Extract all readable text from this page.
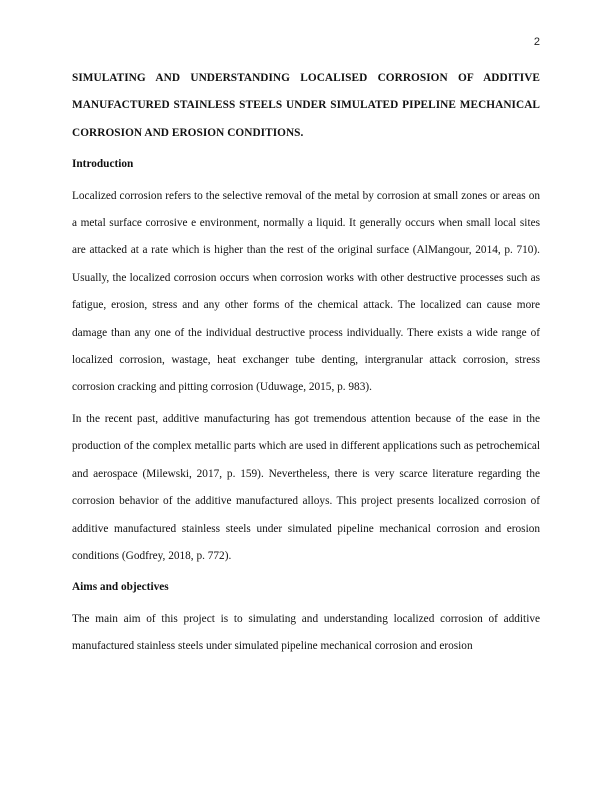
2

SIMULATING AND UNDERSTANDING LOCALISED CORROSION OF ADDITIVE MANUFACTURED STAINLESS STEELS UNDER SIMULATED PIPELINE MECHANICAL CORROSION AND EROSION CONDITIONS.

Introduction

Localized corrosion refers to the selective removal of the metal by corrosion at small zones or areas on a metal surface corrosive e environment, normally a liquid. It generally occurs when small local sites are attacked at a rate which is higher than the rest of the original surface (AlMangour, 2014, p. 710). Usually, the localized corrosion occurs when corrosion works with other destructive processes such as fatigue, erosion, stress and any other forms of the chemical attack. The localized can cause more damage than any one of the individual destructive process individually. There exists a wide range of localized corrosion, wastage, heat exchanger tube denting, intergranular attack corrosion, stress corrosion cracking and pitting corrosion (Uduwage, 2015, p. 983).

In the recent past, additive manufacturing has got tremendous attention because of the ease in the production of the complex metallic parts which are used in different applications such as petrochemical and aerospace (Milewski, 2017, p. 159). Nevertheless, there is very scarce literature regarding the corrosion behavior of the additive manufactured alloys. This project presents localized corrosion of additive manufactured stainless steels under simulated pipeline mechanical corrosion and erosion conditions (Godfrey, 2018, p. 772).

Aims and objectives

The main aim of this project is to simulating and understanding localized corrosion of additive manufactured stainless steels under simulated pipeline mechanical corrosion and erosion
